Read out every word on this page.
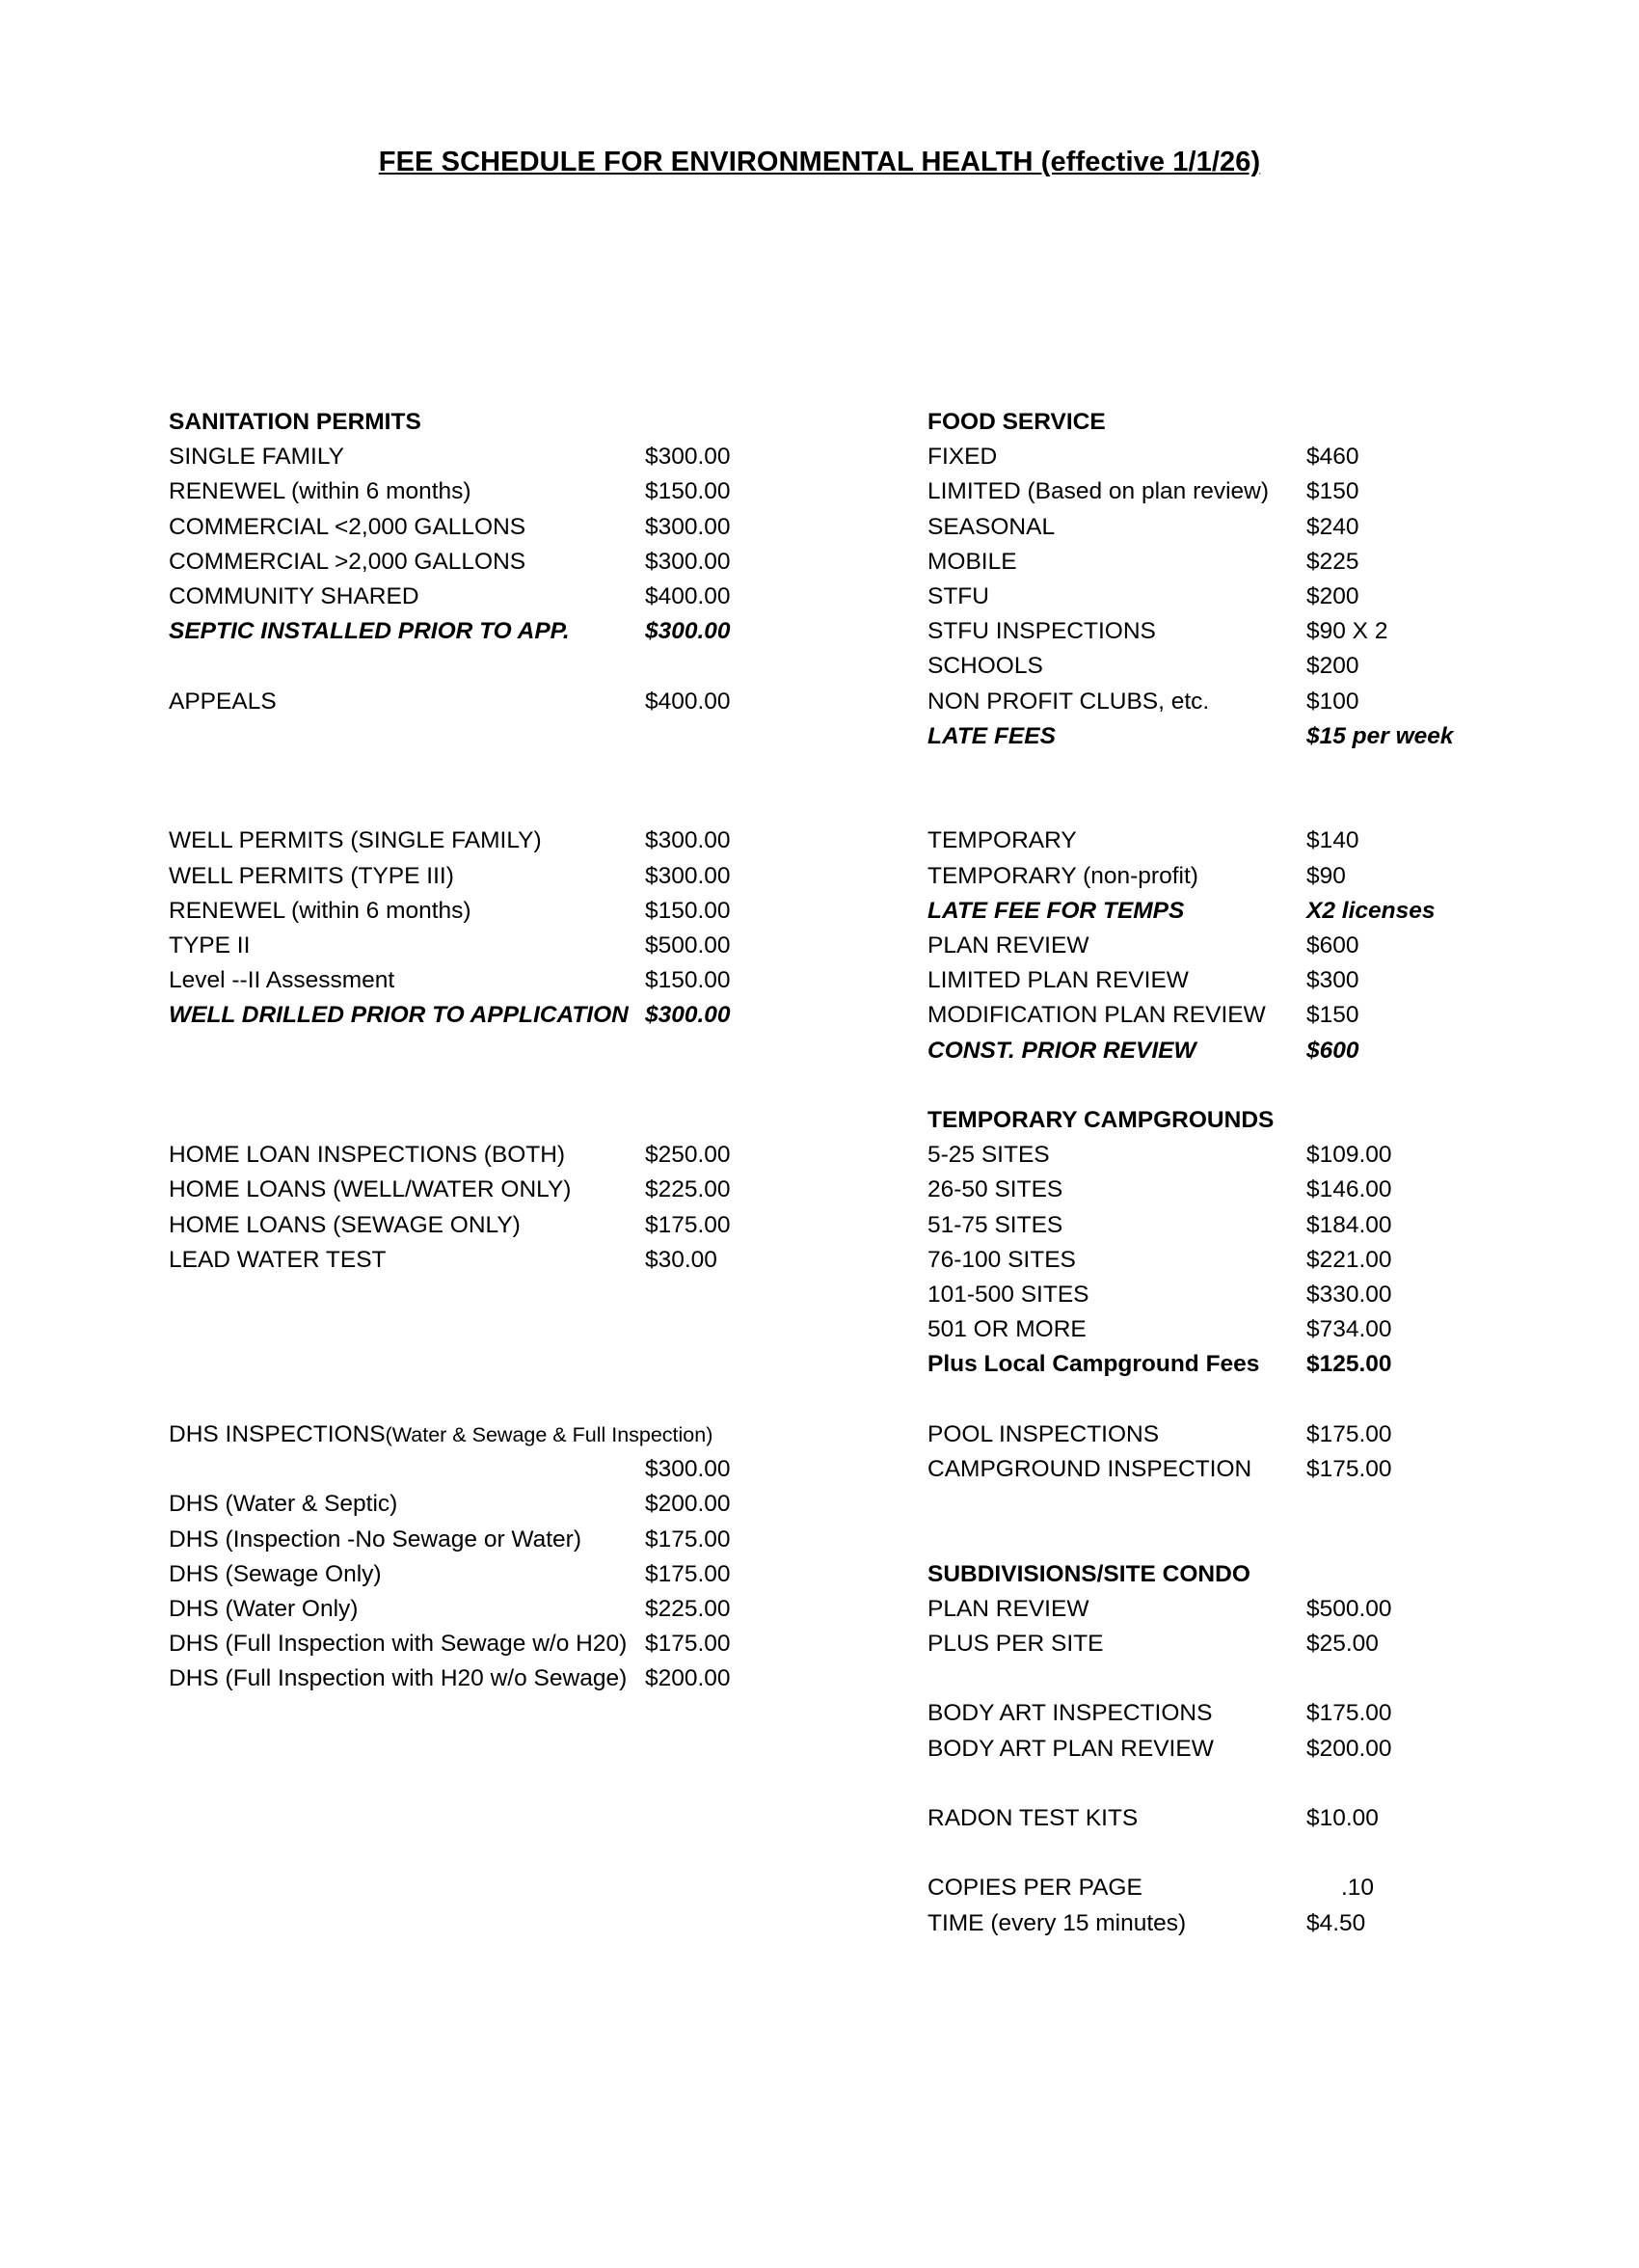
FEE SCHEDULE FOR ENVIRONMENTAL HEALTH (effective 1/1/26)
SANITATION PERMITS
SINGLE FAMILY	$300.00
RENEWEL (within 6 months)	$150.00
COMMERCIAL <2,000 GALLONS	$300.00
COMMERCIAL >2,000 GALLONS	$300.00
COMMUNITY SHARED	$400.00
SEPTIC INSTALLED PRIOR TO APP.	$300.00
APPEALS	$400.00
WELL PERMITS (SINGLE FAMILY)	$300.00
WELL PERMITS (TYPE III)	$300.00
RENEWEL (within 6 months)	$150.00
TYPE II	$500.00
Level --II Assessment	$150.00
WELL DRILLED PRIOR TO APPLICATION $300.00
HOME LOAN INSPECTIONS (BOTH)	$250.00
HOME LOANS (WELL/WATER ONLY)	$225.00
HOME LOANS (SEWAGE ONLY)	$175.00
LEAD WATER TEST	$30.00
DHS INSPECTIONS (Water & Sewage & Full Inspection)
$300.00
DHS (Water & Septic)	$200.00
DHS (Inspection -No Sewage or Water)	$175.00
DHS (Sewage Only)	$175.00
DHS (Water Only)	$225.00
DHS (Full Inspection with Sewage w/o H20) $175.00
DHS (Full Inspection with H20 w/o Sewage) $200.00
FOOD SERVICE
FIXED	$460
LIMITED (Based on plan review)	$150
SEASONAL	$240
MOBILE	$225
STFU	$200
STFU INSPECTIONS	$90 X 2
SCHOOLS	$200
NON PROFIT CLUBS, etc.	$100
LATE FEES	$15 per week
TEMPORARY	$140
TEMPORARY (non-profit)	$90
LATE FEE FOR TEMPS	X2 licenses
PLAN REVIEW	$600
LIMITED PLAN REVIEW	$300
MODIFICATION PLAN REVIEW	$150
CONST. PRIOR REVIEW	$600
TEMPORARY CAMPGROUNDS
5-25 SITES	$109.00
26-50 SITES	$146.00
51-75 SITES	$184.00
76-100 SITES	$221.00
101-500 SITES	$330.00
501 OR MORE	$734.00
Plus Local Campground Fees	$125.00
POOL INSPECTIONS	$175.00
CAMPGROUND INSPECTION	$175.00
SUBDIVISIONS/SITE CONDO
PLAN REVIEW	$500.00
PLUS PER SITE	$25.00
BODY ART INSPECTIONS	$175.00
BODY ART PLAN REVIEW	$200.00
RADON TEST KITS	$10.00
COPIES PER PAGE	.10
TIME (every 15 minutes)	$4.50
